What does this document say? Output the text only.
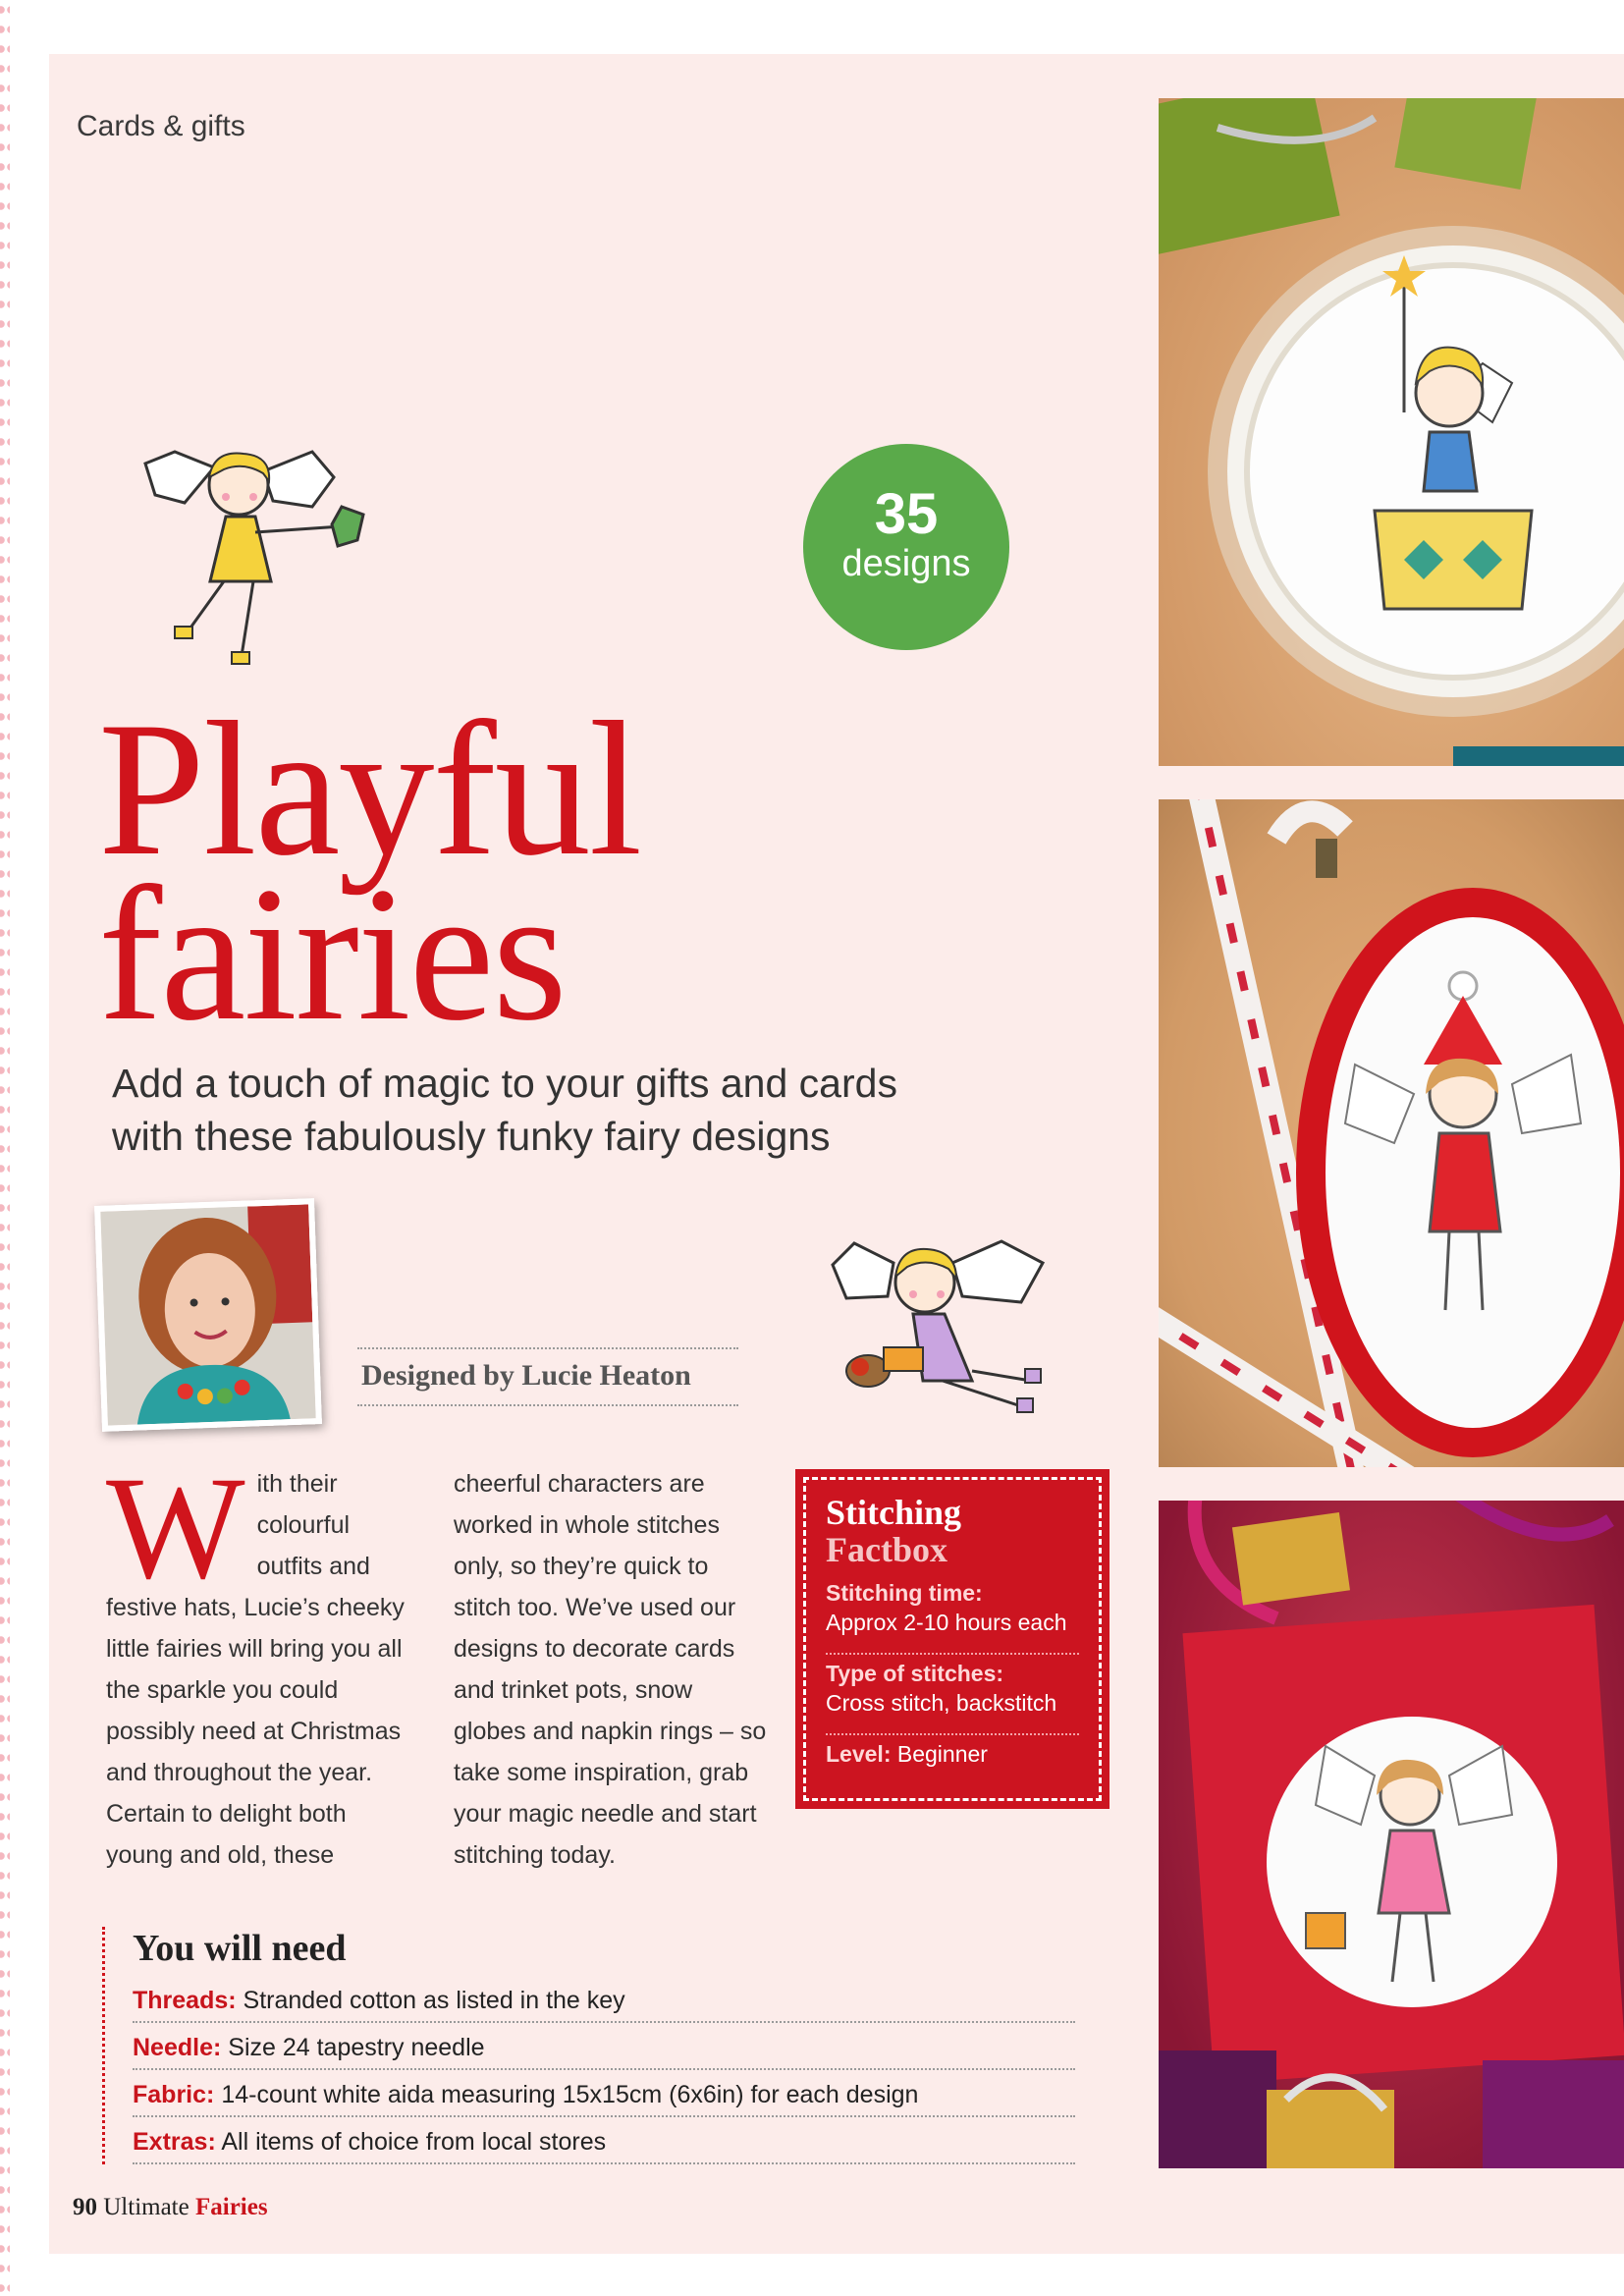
Cards & gifts
35
designs
Playful
fairies
Add a touch of magic to your gifts and cards
with these fabulously funky fairy designs
Designed by Lucie Heaton
With their colourful outfits and festive hats, Lucie’s cheeky little fairies will bring you all the sparkle you could possibly need at Christmas and throughout the year. Certain to delight both young and old, these
cheerful characters are worked in whole stitches only, so they’re quick to stitch too. We’ve used our designs to decorate cards and trinket pots, snow globes and napkin rings – so take some inspiration, grab your magic needle and start stitching today.
Stitching
Factbox
Stitching time:
Approx 2-10 hours each
Type of stitches:
Cross stitch, backstitch
Level: Beginner
You will need
Threads: Stranded cotton as listed in the key
Needle: Size 24 tapestry needle
Fabric: 14-count white aida measuring 15x15cm (6x6in) for each design
Extras: All items of choice from local stores
90 Ultimate Fairies
